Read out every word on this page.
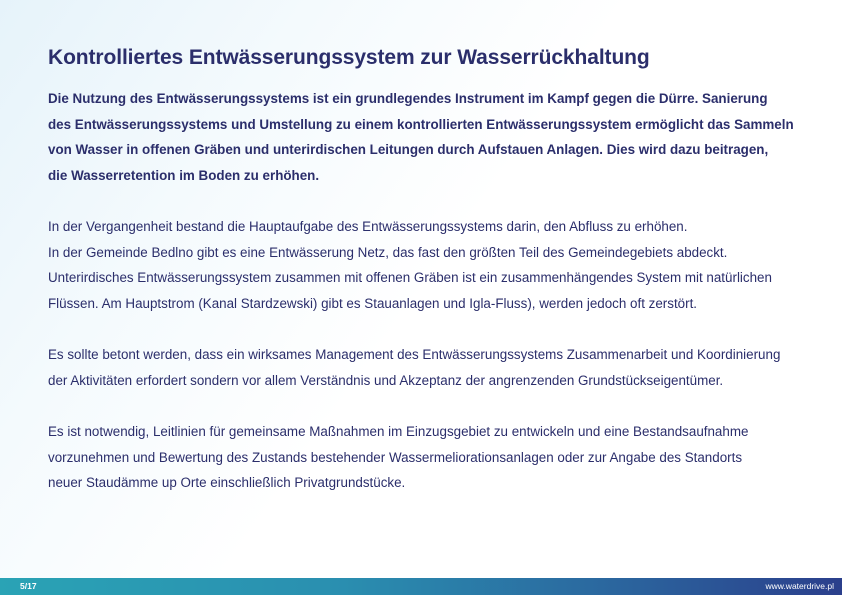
Kontrolliertes Entwässerungssystem zur Wasserrückhaltung

Die Nutzung des Entwässerungssystems ist ein grundlegendes Instrument im Kampf gegen die Dürre. Sanierung
des Entwässerungssystems und Umstellung zu einem kontrollierten Entwässerungssystem ermöglicht das Sammeln
von Wasser in offenen Gräben und unterirdischen Leitungen durch Aufstauen Anlagen. Dies wird dazu beitragen,
die Wasserretention im Boden zu erhöhen.

In der Vergangenheit bestand die Hauptaufgabe des Entwässerungssystems darin, den Abfluss zu erhöhen.
In der Gemeinde Bedlno gibt es eine Entwässerung Netz, das fast den größten Teil des Gemeindegebiets abdeckt.
Unterirdisches Entwässerungssystem zusammen mit offenen Gräben ist ein zusammenhängendes System mit natürlichen
Flüssen. Am Hauptstrom (Kanal Stardzewski) gibt es Stauanlagen und Igla-Fluss), werden jedoch oft zerstört.

Es sollte betont werden, dass ein wirksames Management des Entwässerungssystems Zusammenarbeit und Koordinierung
der Aktivitäten erfordert sondern vor allem Verständnis und Akzeptanz der angrenzenden Grundstückseigentümer.

Es ist notwendig, Leitlinien für gemeinsame Maßnahmen im Einzugsgebiet zu entwickeln und eine Bestandsaufnahme
vorzunehmen und Bewertung des Zustands bestehender Wassermeliorationsanlagen oder zur Angabe des Standorts
neuer Staudämme up Orte einschließlich Privatgrundstücke.

5/17	www.waterdrive.pl
